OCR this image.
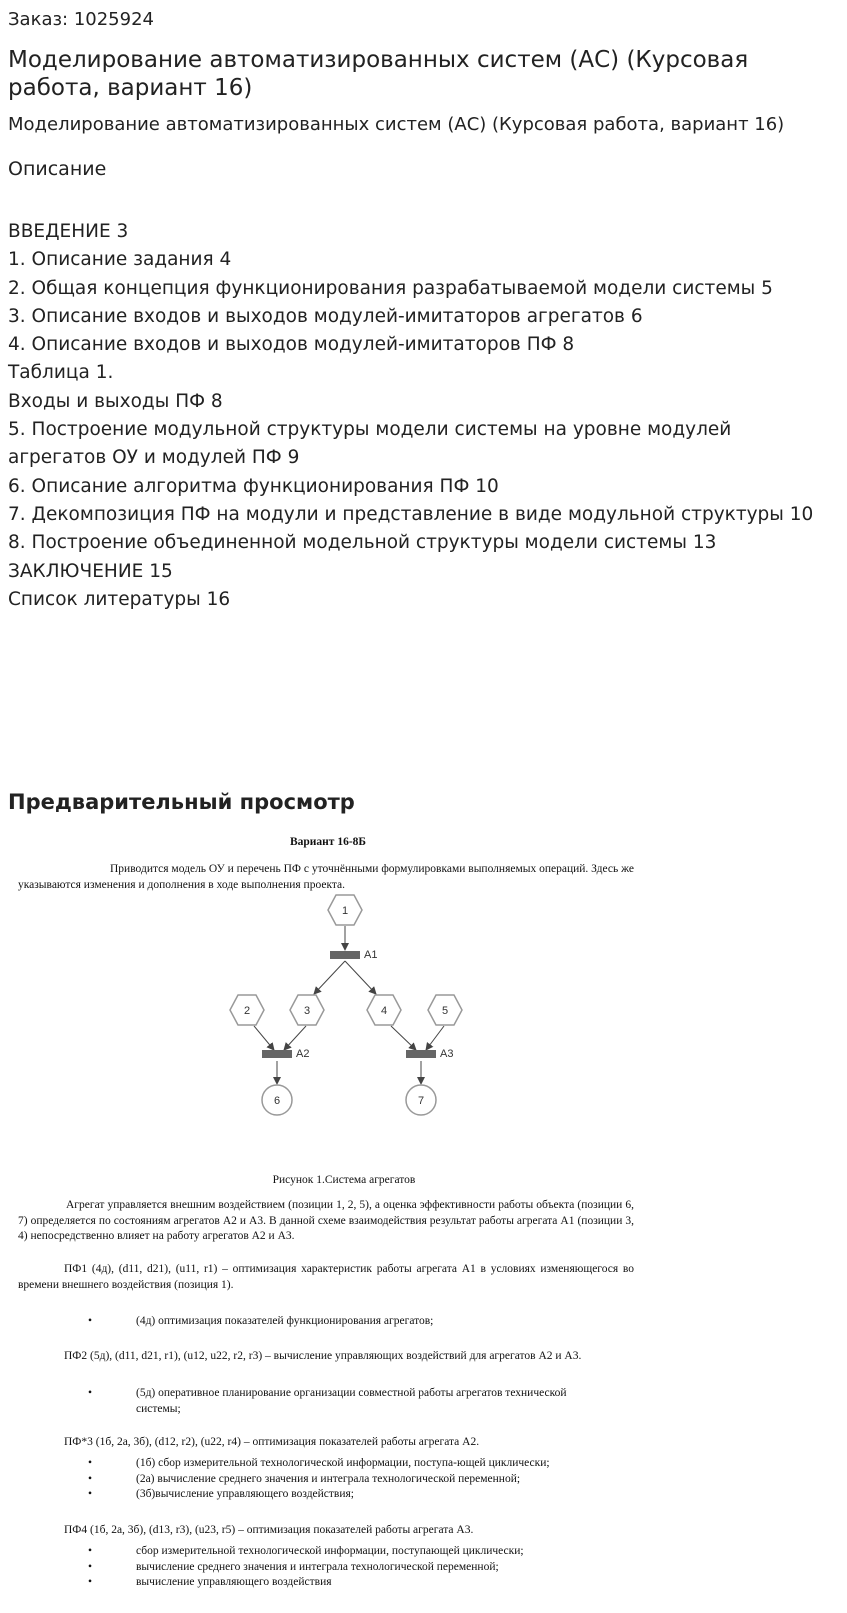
Заказ: 1025924
Моделирование автоматизированных систем (АС) (Курсовая работа, вариант 16)
Моделирование автоматизированных систем (АС) (Курсовая работа, вариант 16)
Описание
ВВЕДЕНИЕ 3
1. Описание задания 4
2. Общая концепция функционирования разрабатываемой модели системы 5
3. Описание входов и выходов модулей-имитаторов агрегатов 6
4. Описание входов и выходов модулей-имитаторов ПФ 8
Таблица 1.
Входы и выходы ПФ 8
5. Построение модульной структуры модели системы на уровне модулей
агрегатов ОУ и модулей ПФ 9
6. Описание алгоритма функционирования ПФ 10
7. Декомпозиция ПФ на модули и представление в виде модульной структуры 10
8. Построение объединенной модельной структуры модели системы 13
ЗАКЛЮЧЕНИЕ 15
Список литературы 16
Предварительный просмотр
Вариант 16-8Б

Приводится модель ОУ и перечень ПФ с уточнёнными формулировками выполняемых операций. Здесь же указываются изменения и дополнения в ходе выполнения проекта.

A1
A2	A3
1
2	3	4	5
6	7
Рисунок 1.Система агрегатов

Агрегат управляется внешним воздействием (позиции 1, 2, 5), а оценка эффективности работы объекта (позиции 6, 7) определяется по состояниям агрегатов А2 и А3. В данной схеме взаимодействия результат работы агрегата А1 (позиции 3, 4) непосредственно влияет на работу агрегатов А2 и А3.

ПФ1 (4д), (d11, d21), (u11, r1) – оптимизация характеристик работы агрегата А1 в условиях изменяющегося во времени внешнего воздействия (позиция 1).

• (4д) оптимизация показателей функционирования агрегатов;
ПФ2 (5д), (d11, d21, r1), (u12, u22, r2, r3) – вычисление управляющих воздействий для агрегатов А2 и А3.
• (5д) оперативное планирование организации совместной работы агрегатов технической системы;
ПФ*3 (1б, 2а, 3б), (d12, r2), (u22, r4) – оптимизация показателей работы агрегата А2.
• (1б) сбор измерительной технологической информации, поступа-ющей циклически;
• (2а) вычисление среднего значения и интеграла технологической переменной;
• (3б)вычисление управляющего воздействия;
ПФ4 (1б, 2а, 3б), (d13, r3), (u23, r5) – оптимизация показателей работы агрегата А3.
• сбор измерительной технологической информации, поступающей циклически;
• вычисление среднего значения и интеграла технологической переменной;
• вычисление управляющего воздействия
